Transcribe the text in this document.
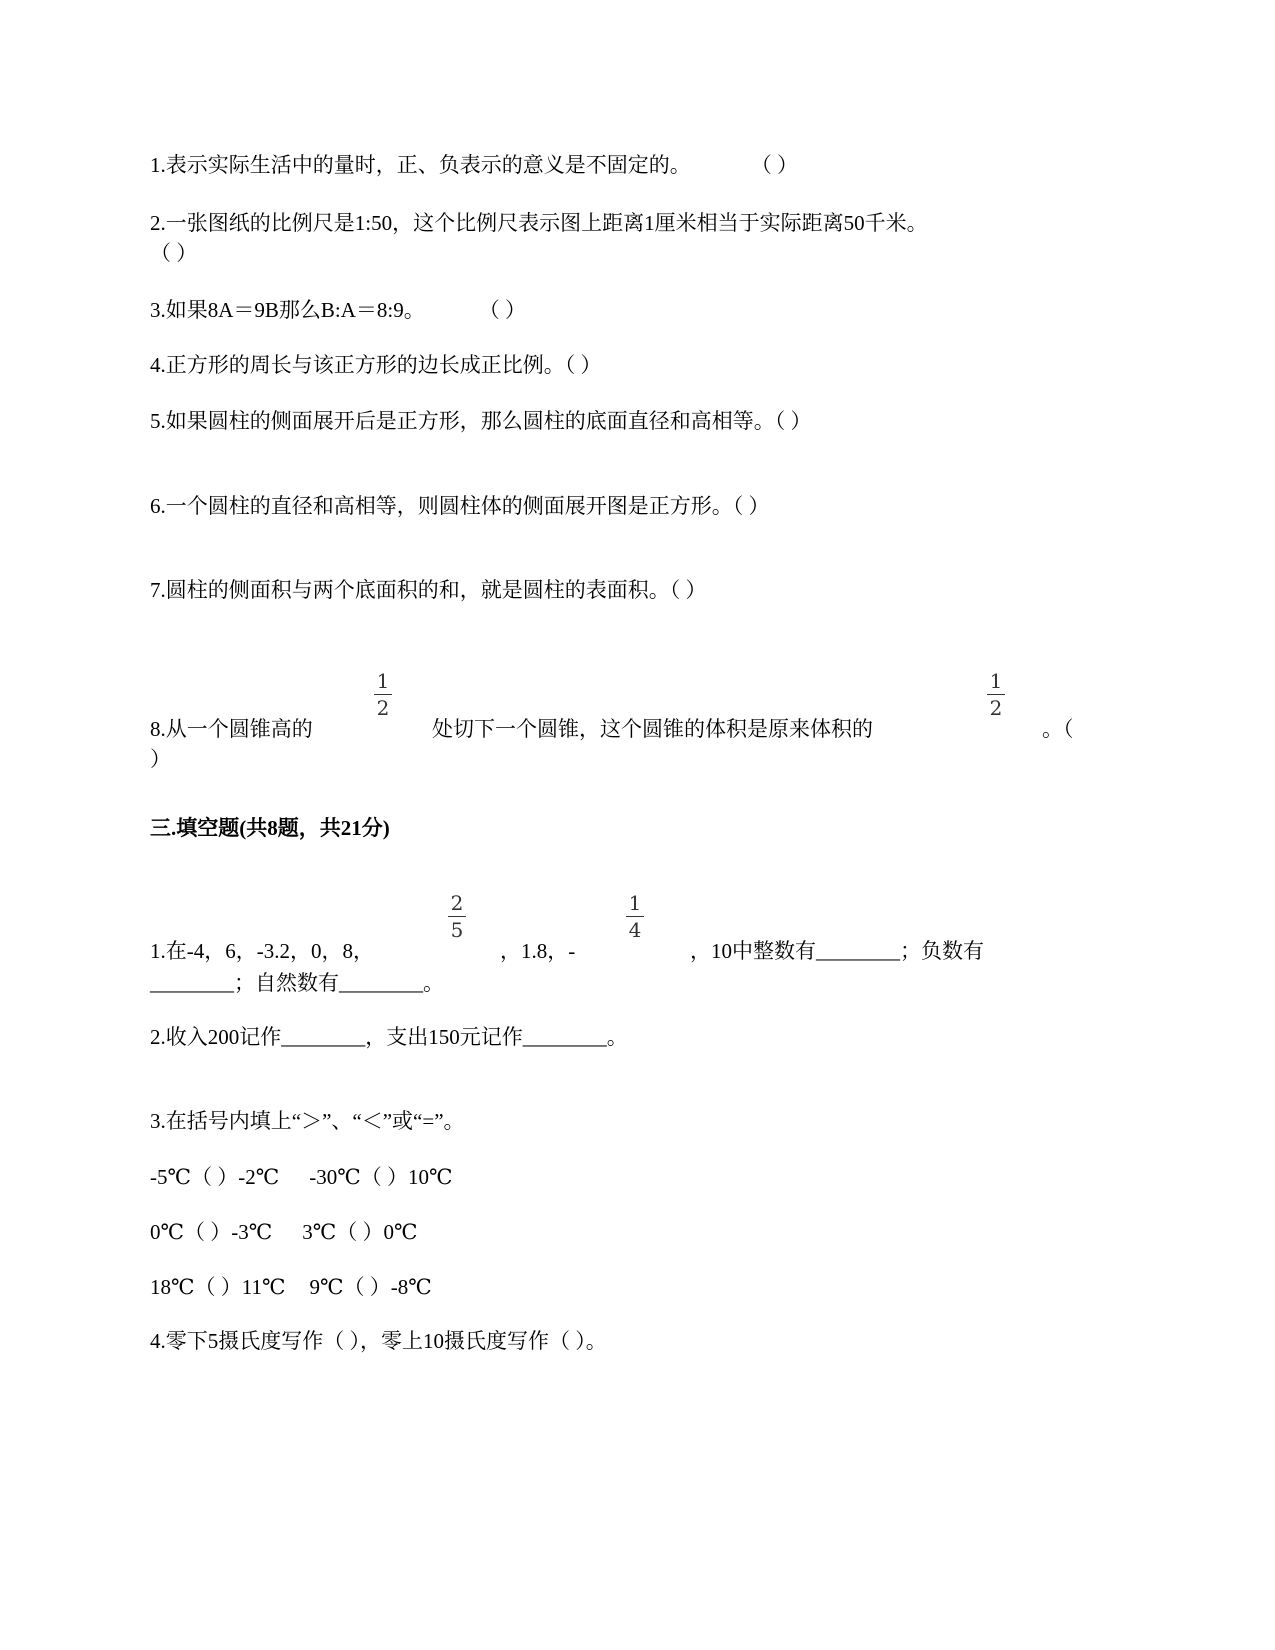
1.表示实际生活中的量时，正、负表示的意义是不固定的。	（ ）

2.一张图纸的比例尺是1:50，这个比例尺表示图上距离1厘米相当于实际距离50千米。

（ ）

3.如果8A＝9B那么B:A＝8:9。	（ ）

4.正方形的周长与该正方形的边长成正比例。（ ）

5.如果圆柱的侧面展开后是正方形，那么圆柱的底面直径和高相等。（ ）

6.一个圆柱的直径和高相等，则圆柱体的侧面展开图是正方形。（ ）

7.圆柱的侧面积与两个底面积的和，就是圆柱的表面积。（ ）

8.从一个圆锥高的

1
2

处切下一个圆锥，这个圆锥的体积是原来体积的

1
2

。（

）

三.填空题(共8题，共21分)

1.在-4，6，-3.2，0，8，

2
5

，1.8，-

1
4

，10中整数有________；负数有

________；自然数有________。

2.收入200记作________，支出150元记作________。

3.在括号内填上“＞”、“＜”或“=”。

-5℃（ ）-2℃ -30℃（ ）10℃

0℃（ ）-3℃ 3℃（ ）0℃

18℃（ ）11℃ 9℃（ ）-8℃

4.零下5摄氏度写作（ ），零上10摄氏度写作（ ）。
